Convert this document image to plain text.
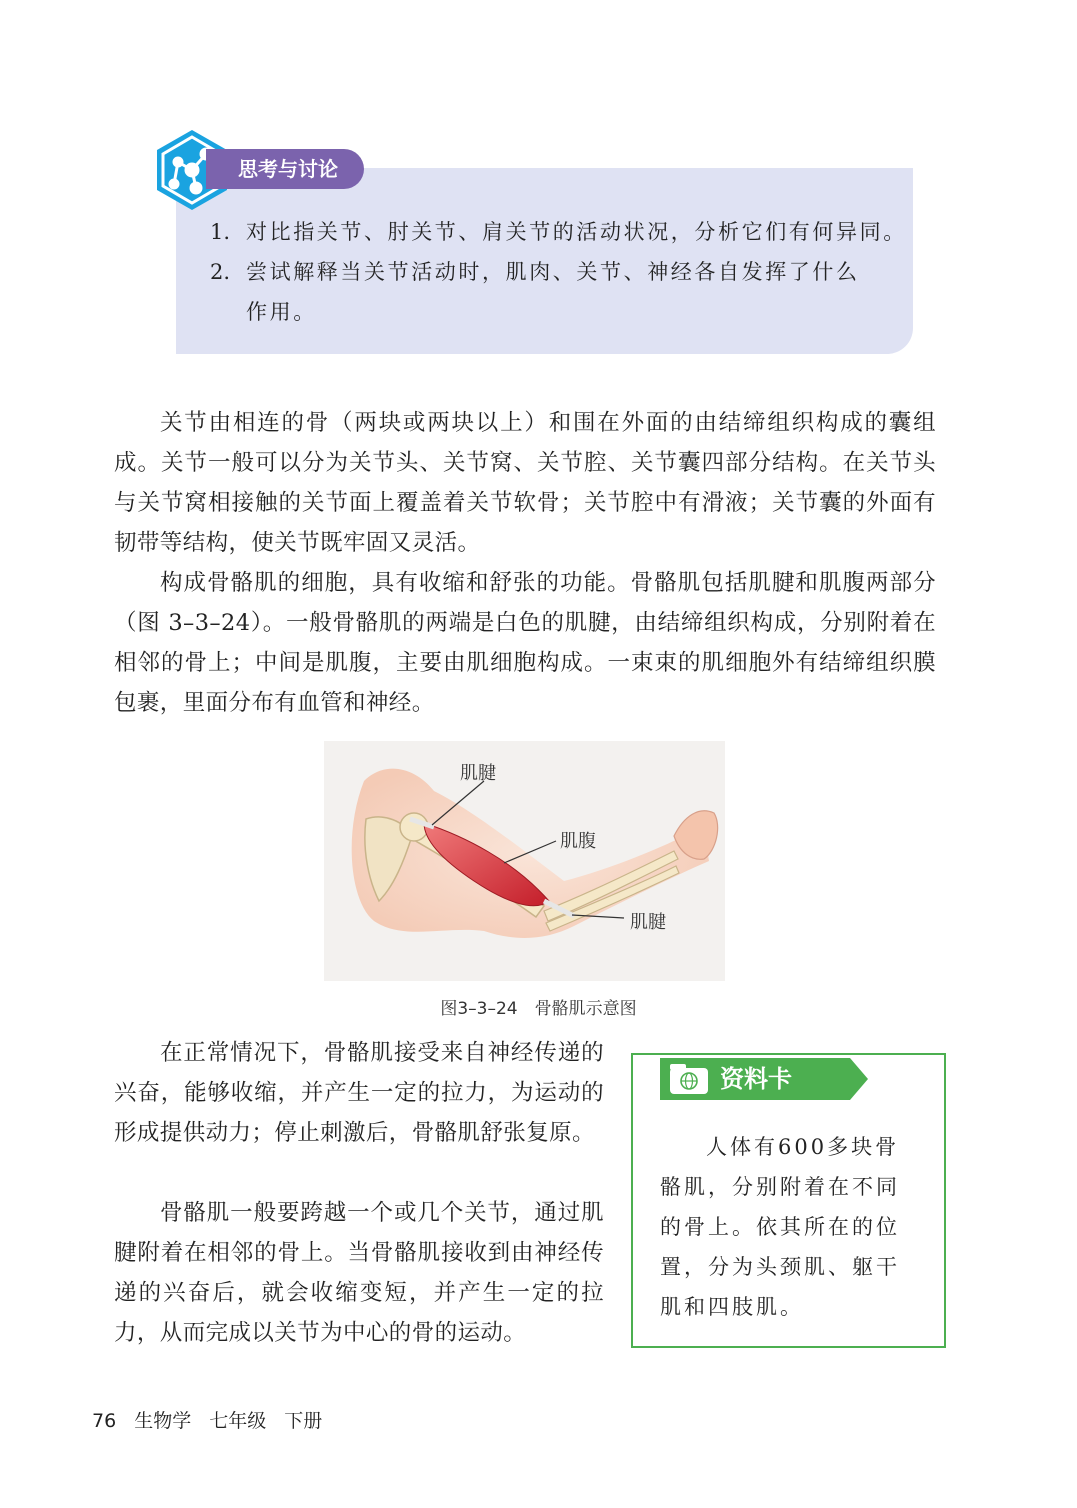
思考与讨论
1. 对比指关节、肘关节、肩关节的活动状况，分析它们有何异同。
2. 尝试解释当关节活动时，肌肉、关节、神经各自发挥了什么
作用。

关节由相连的骨（两块或两块以上）和围在外面的由结缔组织构成的囊组成。关节一般可以分为关节头、关节窝、关节腔、关节囊四部分结构。在关节头与关节窝相接触的关节面上覆盖着关节软骨；关节腔中有滑液；关节囊的外面有韧带等结构，使关节既牢固又灵活。

构成骨骼肌的细胞，具有收缩和舒张的功能。骨骼肌包括肌腱和肌腹两部分（图 3–3–24）。一般骨骼肌的两端是白色的肌腱，由结缔组织构成，分别附着在相邻的骨上；中间是肌腹，主要由肌细胞构成。一束束的肌细胞外有结缔组织膜包裹，里面分布有血管和神经。

肌腱
肌腹
肌腱
图3–3–24　骨骼肌示意图

在正常情况下，骨骼肌接受来自神经传递的兴奋，能够收缩，并产生一定的拉力，为运动的形成提供动力；停止刺激后，骨骼肌舒张复原。

骨骼肌一般要跨越一个或几个关节，通过肌腱附着在相邻的骨上。当骨骼肌接收到由神经传递的兴奋后，就会收缩变短，并产生一定的拉力，从而完成以关节为中心的骨的运动。

资料卡

人体有600多块骨骼肌，分别附着在不同的骨上。依其所在的位置，分为头颈肌、躯干肌和四肢肌。

76 生物学 七年级 下册
